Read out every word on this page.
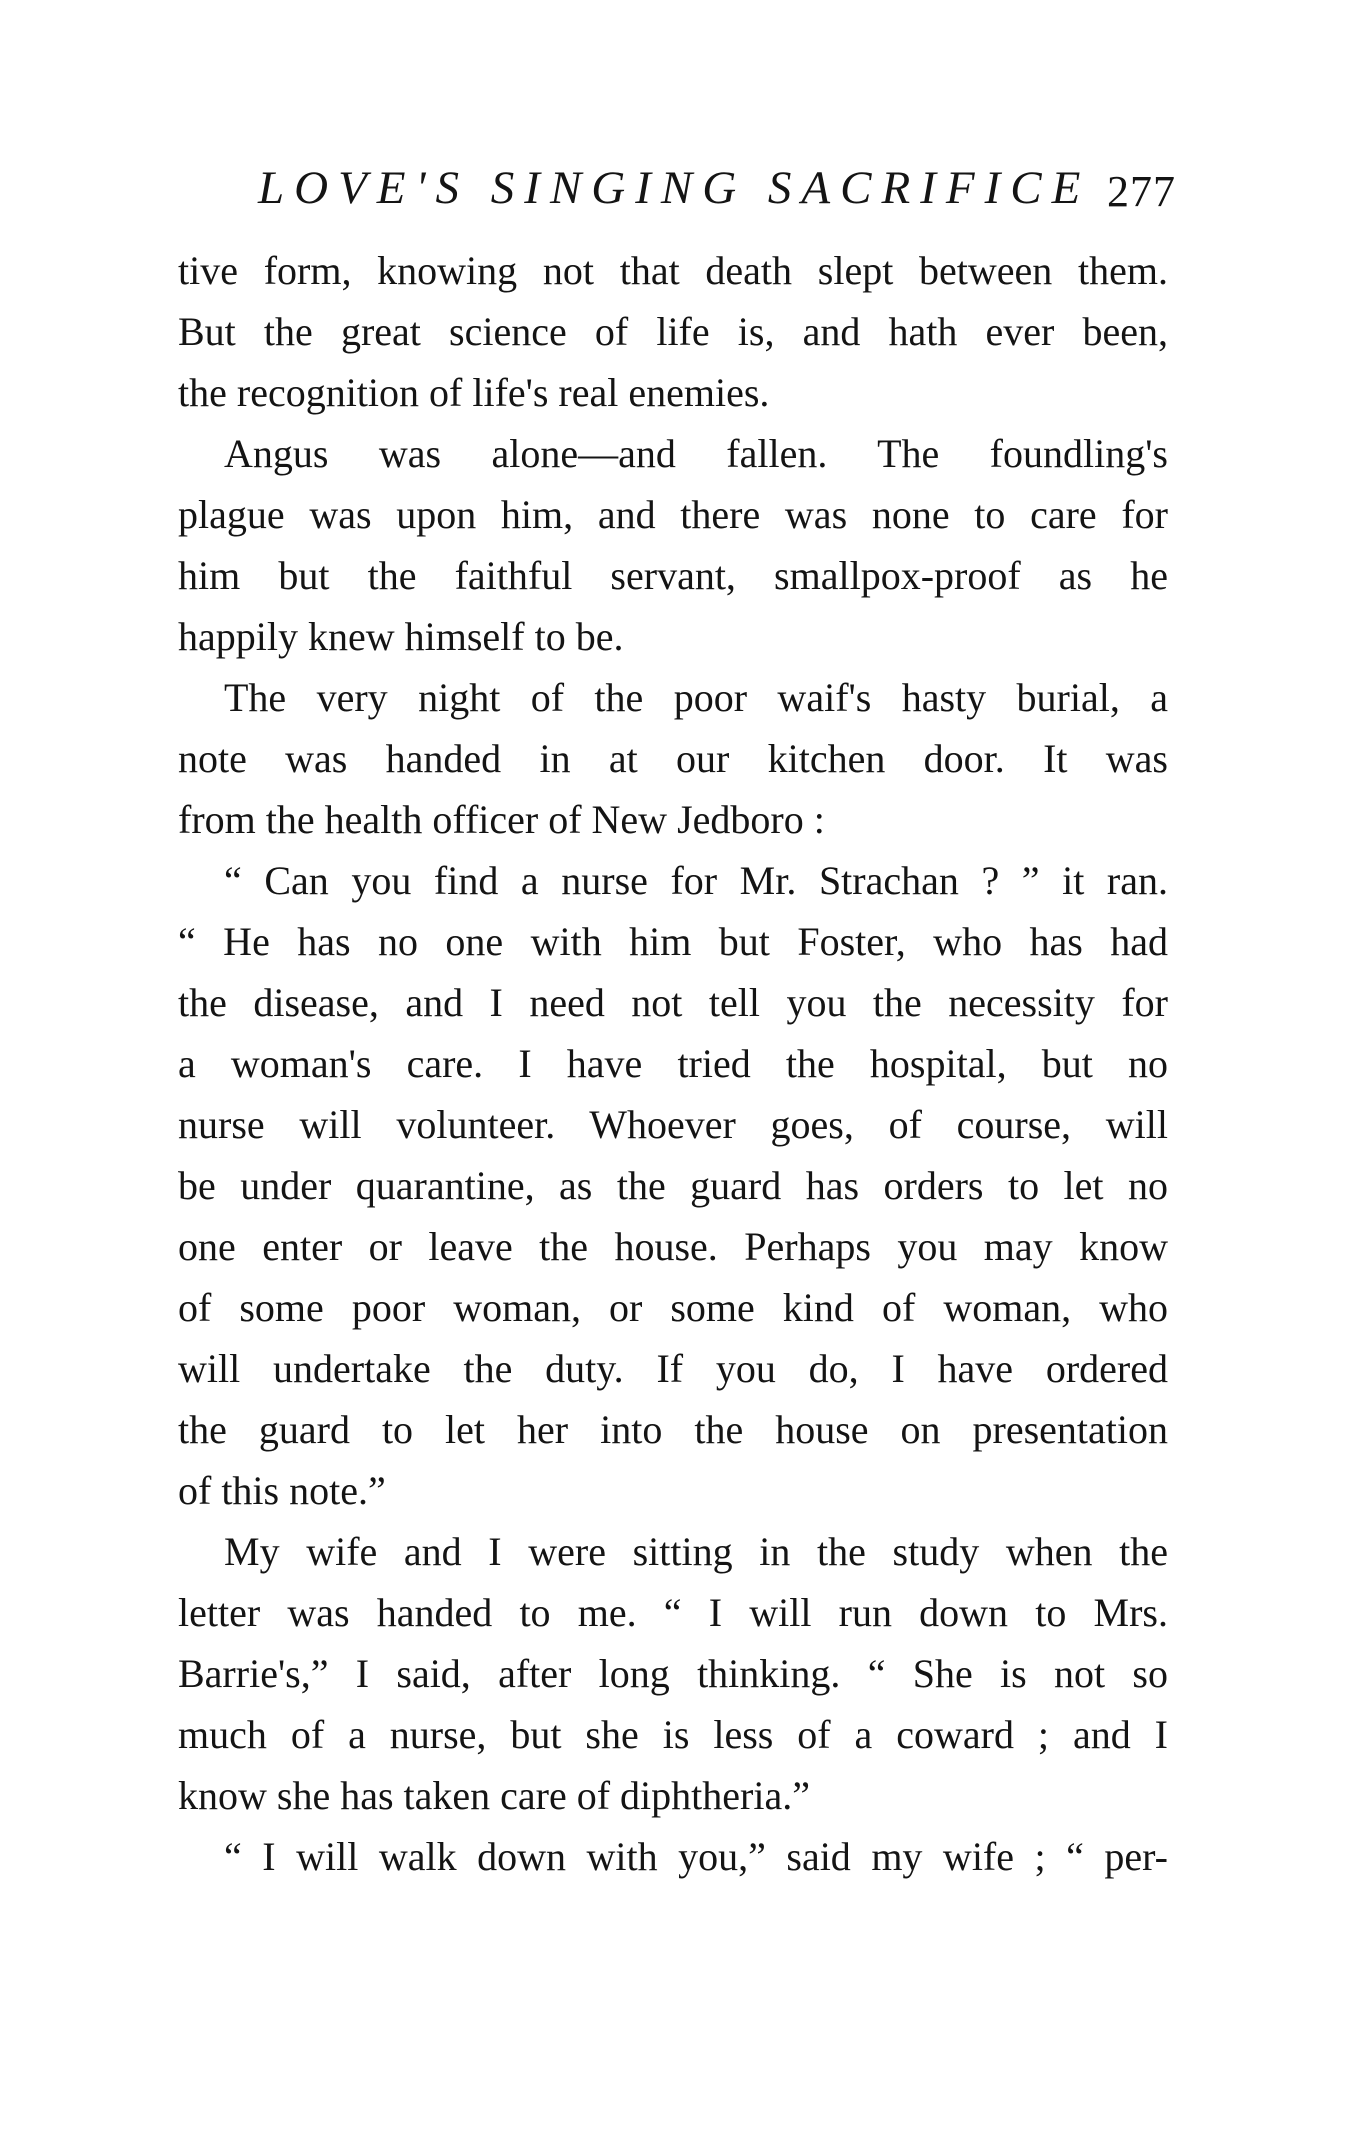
LOVE'S SINGING SACRIFICE 277
tive form, knowing not that death slept between them.
But the great science of life is, and hath ever been,
the recognition of life's real enemies.
Angus was alone—and fallen. The foundling's
plague was upon him, and there was none to care for
him but the faithful servant, smallpox-proof as he
happily knew himself to be.
The very night of the poor waif's hasty burial, a
note was handed in at our kitchen door. It was
from the health officer of New Jedboro :
“ Can you find a nurse for Mr. Strachan ? ” it ran.
“ He has no one with him but Foster, who has had
the disease, and I need not tell you the necessity for
a woman's care. I have tried the hospital, but no
nurse will volunteer. Whoever goes, of course, will
be under quarantine, as the guard has orders to let no
one enter or leave the house. Perhaps you may know
of some poor woman, or some kind of woman, who
will undertake the duty. If you do, I have ordered
the guard to let her into the house on presentation
of this note.”
My wife and I were sitting in the study when the
letter was handed to me. “ I will run down to Mrs.
Barrie's,” I said, after long thinking. “ She is not so
much of a nurse, but she is less of a coward ; and I
know she has taken care of diphtheria.”
“ I will walk down with you,” said my wife ; “ per-
